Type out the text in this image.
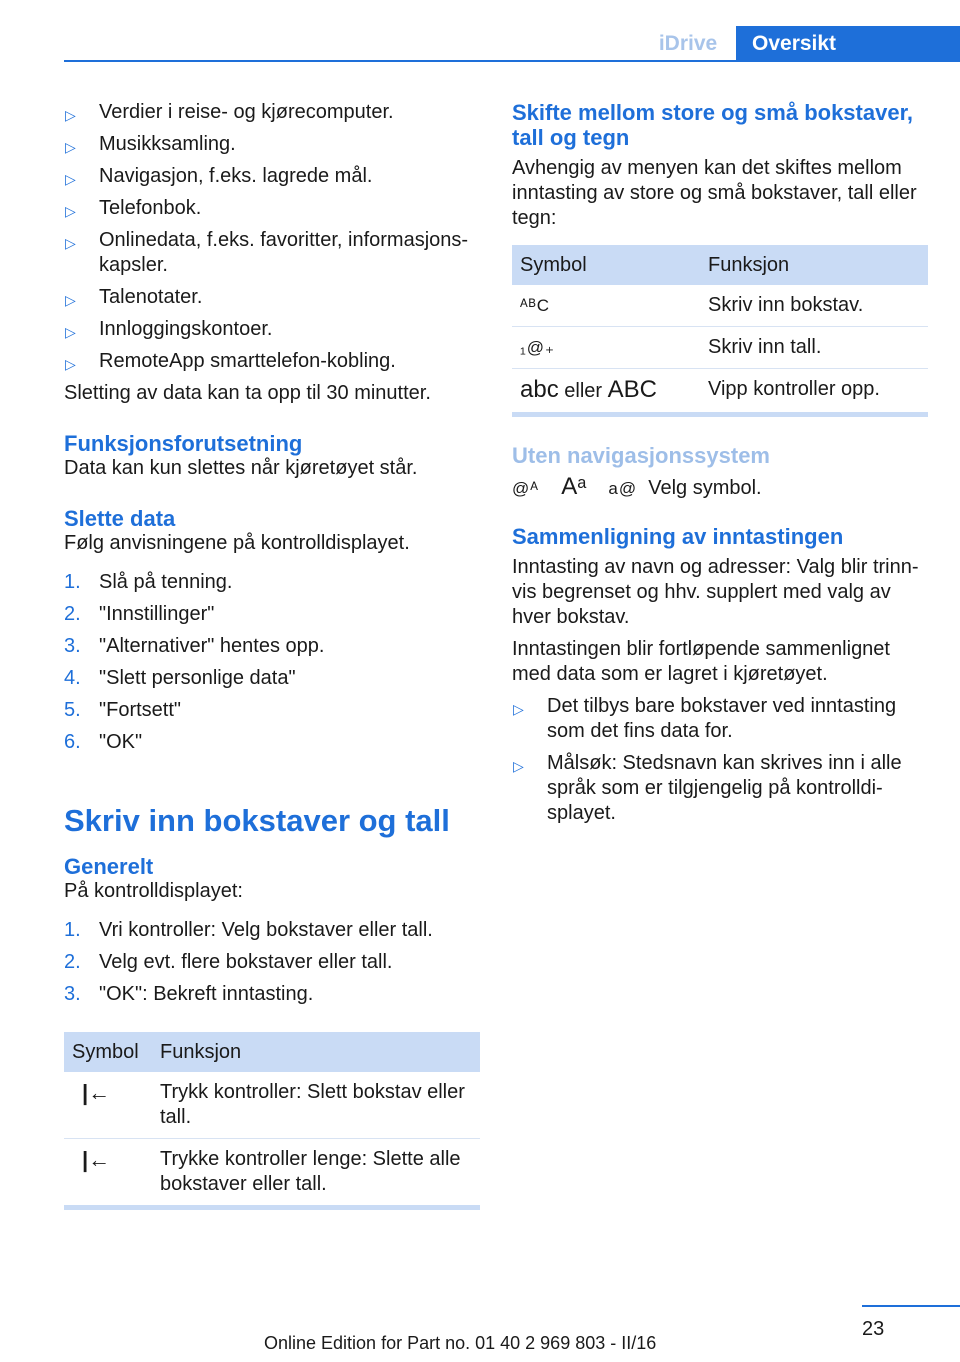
iDrive	Oversikt
▷ Verdier i reise- og kjørecomputer.
▷ Musikksamling.
▷ Navigasjon, f.eks. lagrede mål.
▷ Telefonbok.
▷ Onlinedata, f.eks. favoritter, informasjons‐kapsler.
▷ Talenotater.
▷ Innloggingskontoer.
▷ RemoteApp smarttelefon-kobling.

Sletting av data kan ta opp til 30 minutter.

Funksjonsforutsetning

Data kan kun slettes når kjøretøyet står.

Slette data

Følg anvisningene på kontrolldisplayet.

1. Slå på tenning.
2. "Innstillinger"
3. "Alternativer" hentes opp.
4. "Slett personlige data"
5. "Fortsett"
6. "OK"
Skriv inn bokstaver og tall
Generelt

På kontrolldisplayet:

1. Vri kontroller: Velg bokstaver eller tall.
2. Velg evt. flere bokstaver eller tall.
3. "OK": Bekreft inntasting.
Symbol	Funksjon
|←	Trykk kontroller: Slett bokstav eller tall.
|←	Trykke kontroller lenge: Slette alle bokstaver eller tall.
Skifte mellom store og små bokstaver, tall og tegn

Avhengig av menyen kan det skiftes mellom inntasting av store og små bokstaver, tall eller tegn:

Symbol	Funksjon
ᴬᴮC	Skriv inn bokstav.
₁@₊	Skriv inn tall.
abc eller ABC	Vipp kontroller opp.
Uten navigasjonssystem

@ᴬ Aᵃ a@ Velg symbol.

Sammenligning av inntastingen

Inntasting av navn og adresser: Valg blir trinn‐vis begrenset og hhv. supplert med valg av hver bokstav.

Inntastingen blir fortløpende sammenlignet med data som er lagret i kjøretøyet.

▷ Det tilbys bare bokstaver ved inntasting som det fins data for.
▷ Målsøk: Stedsnavn kan skrives inn i alle språk som er tilgjengelig på kontrolldi‐splayet.
23
Online Edition for Part no. 01 40 2 969 803 - II/16
